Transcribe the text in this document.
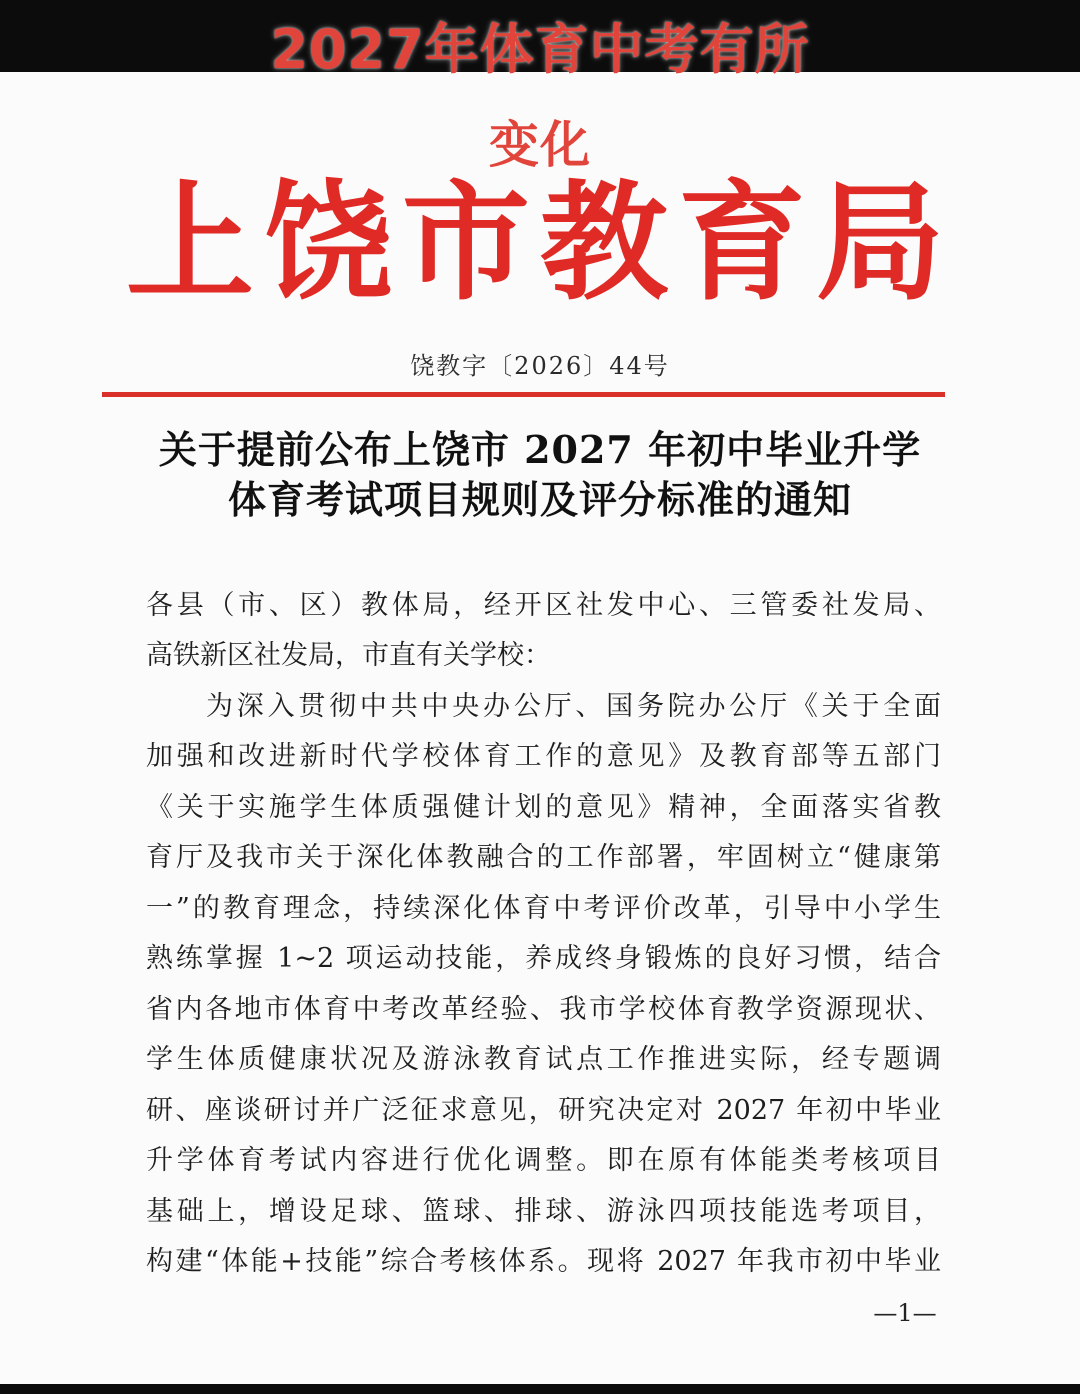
2027年体育中考有所
变化
上饶市教育局
饶教字〔2026〕44号
关于提前公布上饶市 2027 年初中毕业升学
体育考试项目规则及评分标准的通知
各县（市、区）教体局，经开区社发中心、三管委社发局、
高铁新区社发局，市直有关学校：
为深入贯彻中共中央办公厅、国务院办公厅《关于全面
加强和改进新时代学校体育工作的意见》及教育部等五部门
《关于实施学生体质强健计划的意见》精神，全面落实省教
育厅及我市关于深化体教融合的工作部署，牢固树立“健康第
一”的教育理念，持续深化体育中考评价改革，引导中小学生
熟练掌握 1~2 项运动技能，养成终身锻炼的良好习惯，结合
省内各地市体育中考改革经验、我市学校体育教学资源现状、
学生体质健康状况及游泳教育试点工作推进实际，经专题调
研、座谈研讨并广泛征求意见，研究决定对 2027 年初中毕业
升学体育考试内容进行优化调整。即在原有体能类考核项目
基础上，增设足球、篮球、排球、游泳四项技能选考项目，
构建“体能+技能”综合考核体系。现将 2027 年我市初中毕业
—1—
